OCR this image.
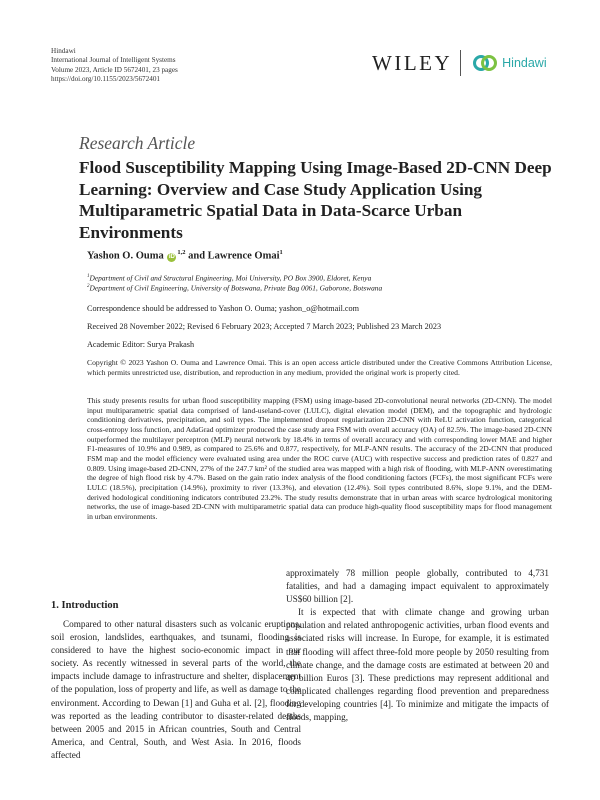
Hindawi
International Journal of Intelligent Systems
Volume 2023, Article ID 5672401, 23 pages
https://doi.org/10.1155/2023/5672401
WILEY	Hindawi
Research Article
Flood Susceptibility Mapping Using Image-Based 2D-CNN Deep Learning: Overview and Case Study Application Using Multiparametric Spatial Data in Data-Scarce Urban Environments
Yashon O. Ouma iD$^{1,2}$ and Lawrence Omai$^1$
$^1$Department of Civil and Structural Engineering, Moi University, PO Box 3900, Eldoret, Kenya
$^2$Department of Civil Engineering, University of Botswana, Private Bag 0061, Gaborone, Botswana
Correspondence should be addressed to Yashon O. Ouma; yashon_o@hotmail.com
Received 28 November 2022; Revised 6 February 2023; Accepted 7 March 2023; Published 23 March 2023
Academic Editor: Surya Prakash

Copyright © 2023 Yashon O. Ouma and Lawrence Omai. This is an open access article distributed under the Creative Commons Attribution License, which permits unrestricted use, distribution, and reproduction in any medium, provided the original work is properly cited.

This study presents results for urban flood susceptibility mapping (FSM) using image-based 2D-convolutional neural networks (2D-CNN). The model input multiparametric spatial data comprised of land-useland-cover (LULC), digital elevation model (DEM), and the topographic and hydrologic conditioning derivatives, precipitation, and soil types. The implemented dropout regularization 2D-CNN with ReLU activation function, categorical cross-entropy loss function, and AdaGrad optimizer produced the case study area FSM with overall accuracy (OA) of 82.5%. The image-based 2D-CNN outperformed the multilayer perceptron (MLP) neural network by 18.4% in terms of overall accuracy and with corresponding lower MAE and higher F1-measures of 10.9% and 0.989, as compared to 25.6% and 0.877, respectively, for MLP-ANN results. The accuracy of the 2D-CNN that produced FSM map and the model efficiency were evaluated using area under the ROC curve (AUC) with respective success and prediction rates of 0.827 and 0.809. Using image-based 2D-CNN, 27% of the 247.7 km² of the studied area was mapped with a high risk of flooding, with MLP-ANN overestimating the degree of high flood risk by 4.7%. Based on the gain ratio index analysis of the flood conditioning factors (FCFs), the most significant FCFs were LULC (18.5%), precipitation (14.9%), proximity to river (13.3%), and elevation (12.4%). Soil types contributed 8.6%, slope 9.1%, and the DEM-derived hodological conditioning indicators contributed 23.2%. The study results demonstrate that in urban areas with scarce hydrological monitoring networks, the use of image-based 2D-CNN with multiparametric spatial data can produce high-quality flood susceptibility maps for flood management in urban environments.

1. Introduction

Compared to other natural disasters such as volcanic eruptions, soil erosion, landslides, earthquakes, and tsunami, flooding is considered to have the highest socio-economic impact in our society. As recently witnessed in several parts of the world, the impacts include damage to infrastructure and shelter, displacement of the population, loss of property and life, as well as damage to the environment. According to Dewan [1] and Guha et al. [2], flooding was reported as the leading contributor to disaster-related deaths between 2005 and 2015 in African countries, South and Central America, and Central, South, and West Asia. In 2016, floods affected

approximately 78 million people globally, contributed to 4,731 fatalities, and had a damaging impact equivalent to approximately US$60 billion [2].

It is expected that with climate change and growing urban population and related anthropogenic activities, urban flood events and associated risks will increase. In Europe, for example, it is estimated that flooding will affect three-fold more people by 2050 resulting from climate change, and the damage costs are estimated at between 20 and 40 billion Euros [3]. These predictions may represent additional and complicated challenges regarding flood prevention and preparedness for developing countries [4]. To minimize and mitigate the impacts of floods, mapping,
